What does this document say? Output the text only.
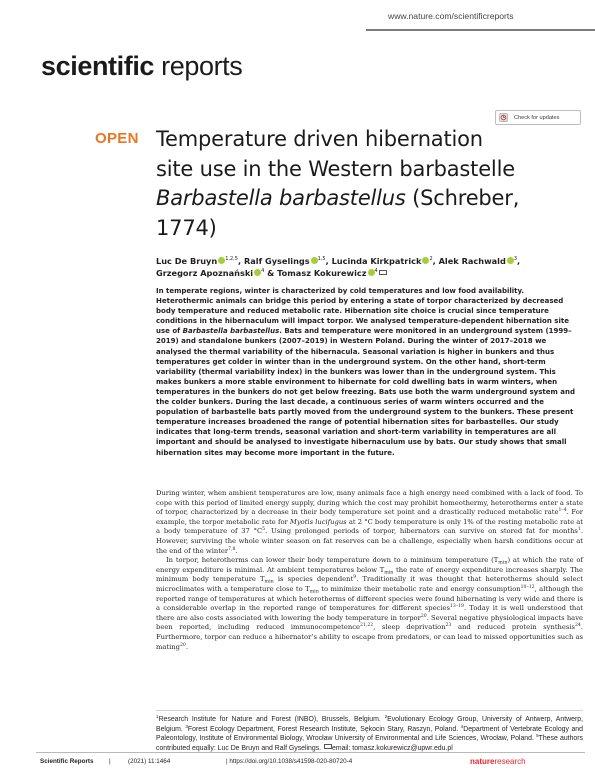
www.nature.com/scientificreports
scientific reports
Check for updates
OPEN Temperature driven hibernation
site use in the Western barbastelle
Barbastella barbastellus (Schreber,
1774)
Luc De Bruyn $^{1,2,5}$, Ralf Gyselings $^{1,5}$, Lucinda Kirkpatrick $^2$, Alek Rachwald $^3$,
Grzegorz Apoznański $^4$ & Tomasz Kokurewicz $^4$

In temperate regions, winter is characterized by cold temperatures and low food availability. Heterothermic animals can bridge this period by entering a state of torpor characterized by decreased body temperature and reduced metabolic rate. Hibernation site choice is crucial since temperature conditions in the hibernaculum will impact torpor. We analysed temperature-dependent hibernation site use of Barbastella barbastellus. Bats and temperature were monitored in an underground system (1999–2019) and standalone bunkers (2007–2019) in Western Poland. During the winter of 2017–2018 we analysed the thermal variability of the hibernacula. Seasonal variation is higher in bunkers and thus temperatures get colder in winter than in the underground system. On the other hand, short-term variability (thermal variability index) in the bunkers was lower than in the underground system. This makes bunkers a more stable environment to hibernate for cold dwelling bats in warm winters, when temperatures in the bunkers do not get below freezing. Bats use both the warm underground system and the colder bunkers. During the last decade, a continuous series of warm winters occurred and the population of barbastelle bats partly moved from the underground system to the bunkers. These present temperature increases broadened the range of potential hibernation sites for barbastelles. Our study indicates that long-term trends, seasonal variation and short-term variability in temperatures are all important and should be analysed to investigate hibernaculum use by bats. Our study shows that small hibernation sites may become more important in the future.

During winter, when ambient temperatures are low, many animals face a high energy need combined with a lack of food. To cope with this period of limited energy supply, during which the cost may prohibit homeothermy, heterotherms enter a state of torpor, characterized by a decrease in their body temperature set point and a drastically reduced metabolic rate$^{1-4}$. For example, the torpor metabolic rate for Myotis lucifugus at 2 °C body temperature is only 1% of the resting metabolic rate at a body temperature of 37 $^\circ C^5$. Using prolonged periods of torpor, hibernators can survive on stored fat for months$^1$. However, surviving the whole winter season on fat reserves can be a challenge, especially when harsh conditions occur at the end of the winter$^{7,8}$.

In torpor, heterotherms can lower their body temperature down to a minimum temperature $(T_{min})$ at which the rate of energy expenditure is minimal. At ambient temperatures below $T_{min}$ the rate of energy expenditure increases sharply. The minimum body temperature $T_{min}$ is species dependent$^9$. Traditionally it was thought that heterotherms should select microclimates with a temperature close to $T_{min}$ to minimize their metabolic rate and energy consumption$^{10-12}$, although the reported range of temperatures at which heterotherms of different species were found hibernating is very wide and there is a considerable overlap in the reported range of temperatures for different species$^{13-19}$. Today it is well understood that there are also costs associated with lowering the body temperature in torpor$^{20}$. Several negative physiological impacts have been reported, including reduced immunocompetence$^{21,22}$, sleep deprivation$^{23}$ and reduced protein synthesis$^{24}$. Furthermore, torpor can reduce a hibernator’s ability to escape from predators, or can lead to missed opportunities such as mating$^{20}$.

$^1$Research Institute for Nature and Forest (INBO), Brussels, Belgium. $^2$Evolutionary Ecology Group, University of Antwerp, Antwerp, Belgium. $^3$Forest Ecology Department, Forest Research Institute, Sękocin Stary, Raszyn, Poland. $^4$Department of Vertebrate Ecology and Paleontology, Institute of Environmental Biology, Wrocław University of Environmental and Life Sciences, Wrocław, Poland. $^5$These authors contributed equally: Luc De Bruyn and Ralf Gyselings. email: tomasz.kokurewicz@upwr.edu.pl
Scientific Reports |	(2021) 11:1464	| https://doi.org/10.1038/s41598-020-80720-4	natureresearch
